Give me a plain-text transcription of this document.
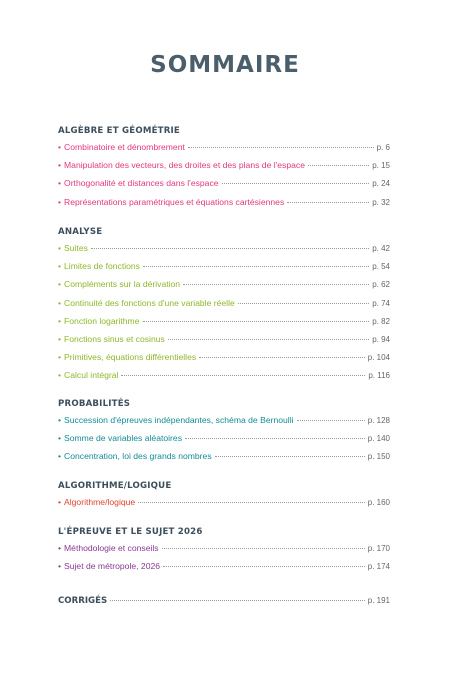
SOMMAIRE
ALGÈBRE ET GÉOMÉTRIE
• Combinatoire et dénombrement	p. 6
• Manipulation des vecteurs, des droites et des plans de l'espace	p. 15
• Orthogonalité et distances dans l'espace	p. 24
• Représentations paramétriques et équations cartésiennes	p. 32
ANALYSE
• Suites	p. 42
• Limites de fonctions	p. 54
• Compléments sur la dérivation	p. 62
• Continuité des fonctions d'une variable réelle	p. 74
• Fonction logarithme	p. 82
• Fonctions sinus et cosinus	p. 94
• Primitives, équations différentielles	p. 104
• Calcul intégral	p. 116
PROBABILITÉS
• Succession d'épreuves indépendantes, schéma de Bernoulli	p. 128
• Somme de variables aléatoires	p. 140
• Concentration, loi des grands nombres	p. 150
ALGORITHME/LOGIQUE
• Algorithme/logique	p. 160
L'ÉPREUVE ET LE SUJET 2026
• Méthodologie et conseils	p. 170
• Sujet de métropole, 2026	p. 174
CORRIGÉS	p. 191
